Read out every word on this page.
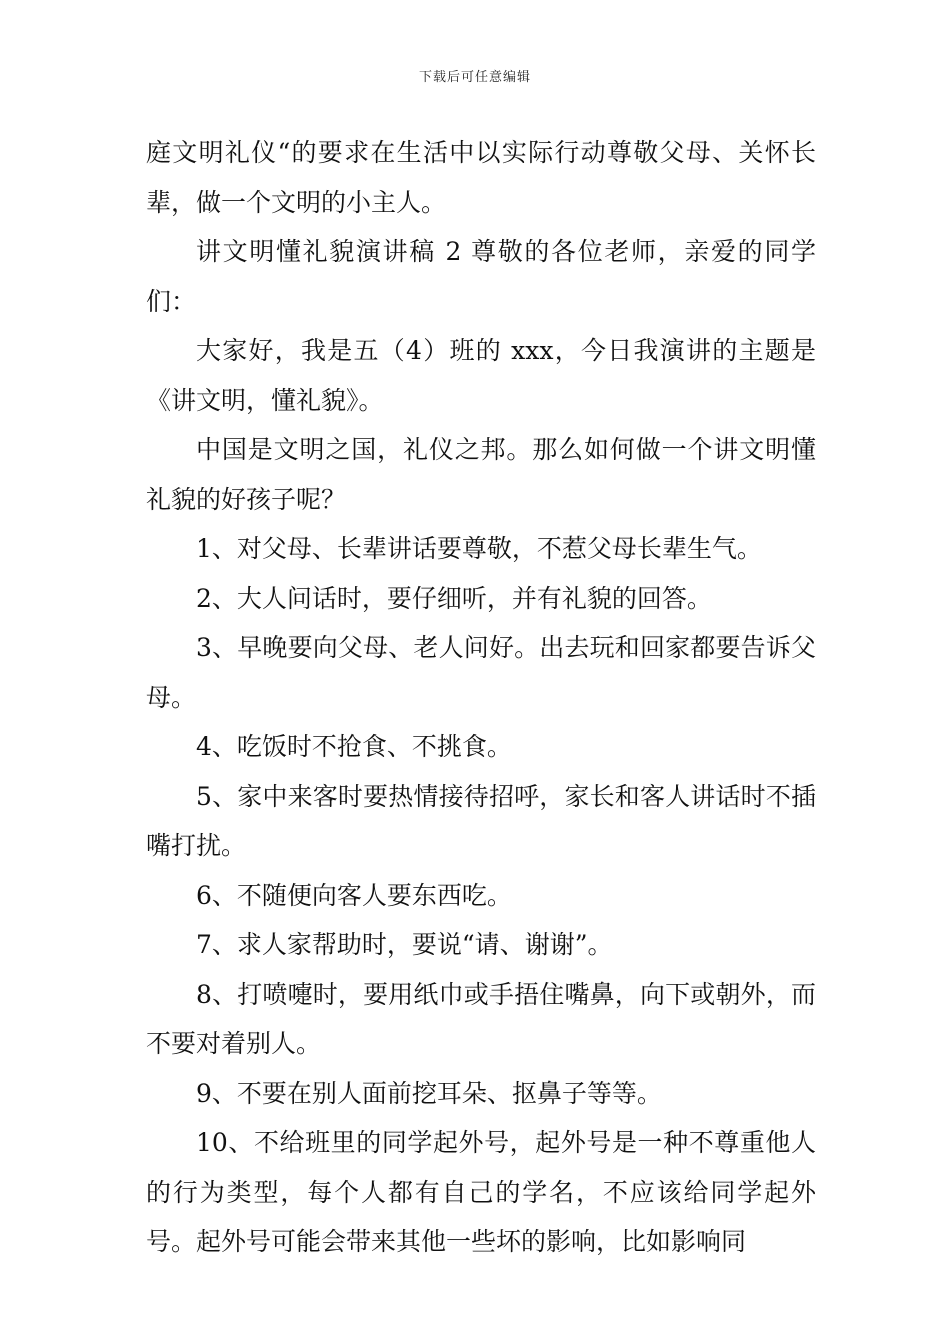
下载后可任意编辑

庭文明礼仪“的要求在生活中以实际行动尊敬父母、关怀长辈，做一个文明的小主人。

讲文明懂礼貌演讲稿 2 尊敬的各位老师，亲爱的同学们：

大家好，我是五（4）班的 xxx，今日我演讲的主题是《讲文明，懂礼貌》。

中国是文明之国，礼仪之邦。那么如何做一个讲文明懂礼貌的好孩子呢？

1、对父母、长辈讲话要尊敬，不惹父母长辈生气。

2、大人问话时，要仔细听，并有礼貌的回答。

3、早晚要向父母、老人问好。出去玩和回家都要告诉父母。

4、吃饭时不抢食、不挑食。

5、家中来客时要热情接待招呼，家长和客人讲话时不插嘴打扰。

6、不随便向客人要东西吃。

7、求人家帮助时，要说“请、谢谢”。

8、打喷嚏时，要用纸巾或手捂住嘴鼻，向下或朝外，而不要对着别人。

9、不要在别人面前挖耳朵、抠鼻子等等。

10、不给班里的同学起外号，起外号是一种不尊重他人的行为类型，每个人都有自己的学名，不应该给同学起外号。起外号可能会带来其他一些坏的影响，比如影响同
